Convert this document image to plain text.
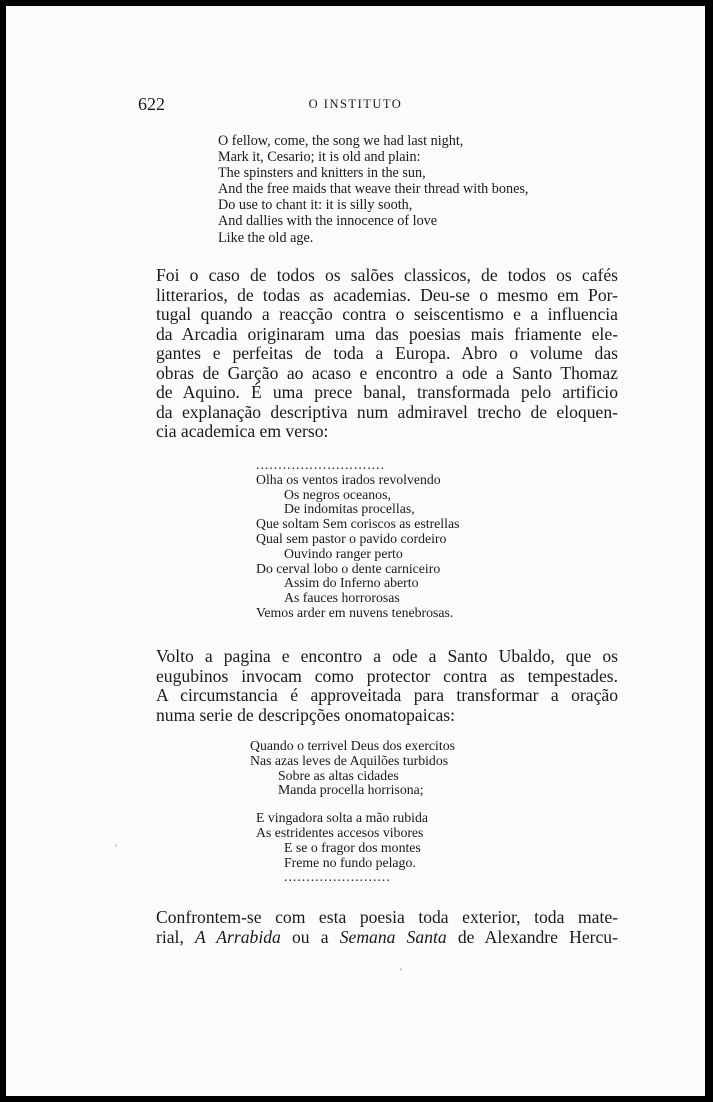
622	O INSTITUTO
O fellow, come, the song we had last night,
Mark it, Cesario; it is old and plain:
The spinsters and knitters in the sun,
And the free maids that weave their thread with bones,
Do use to chant it: it is silly sooth,
And dallies with the innocence of love
Like the old age.
Foi o caso de todos os salões classicos, de todos os cafés
litterarios, de todas as academias. Deu-se o mesmo em Por-
tugal quando a reacção contra o seiscentismo e a influencia
da Arcadia originaram uma das poesias mais friamente ele-
gantes e perfeitas de toda a Europa. Abro o volume das
obras de Garção ao acaso e encontro a ode a Santo Thomaz
de Aquino. É uma prece banal, transformada pelo artificio
da explanação descriptiva num admiravel trecho de eloquen-
cia academica em verso:
.............................
Olha os ventos irados revolvendo
Os negros oceanos,
De indomitas procellas,
Que soltam Sem coriscos as estrellas
Qual sem pastor o pavido cordeiro
Ouvindo ranger perto
Do cerval lobo o dente carniceiro
Assim do Inferno aberto
As fauces horrorosas
Vemos arder em nuvens tenebrosas.
Volto a pagina e encontro a ode a Santo Ubaldo, que os
eugubinos invocam como protector contra as tempestades.
A circumstancia é approveitada para transformar a oração
numa serie de descripções onomatopaicas:
Quando o terrivel Deus dos exercitos
Nas azas leves de Aquilões turbidos
Sobre as altas cidades
Manda procella horrisona;
E vingadora solta a mão rubida
As estridentes accesos vibores
E se o fragor dos montes
Freme no fundo pelago.
........................
Confrontem-se com esta poesia toda exterior, toda mate-
rial, A Arrabida ou a Semana Santa de Alexandre Hercu-
ˈ
ˈ
